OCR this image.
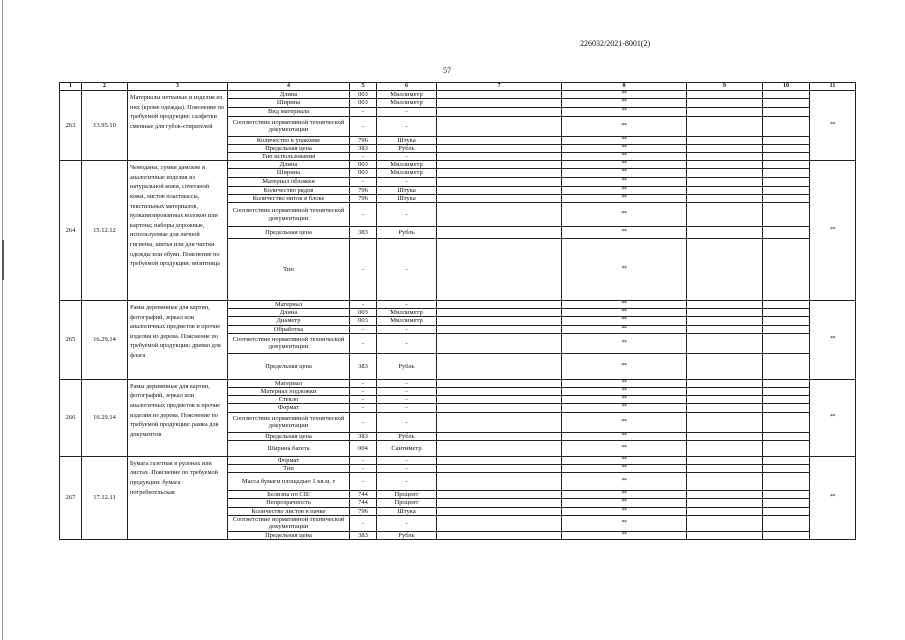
226032/2021-8001(2)
57
1	2	3	4	5	6	7	8	9	10	11
263	13.95.10	Материалы нетканые и изделия из них (кроме одежды). Пояснение по требуемой продукции: салфетки сменные для губок-стирателей	Длина	003	Миллиметр		**			**
			Ширина	003	Миллиметр		**			
			Вид материала	-	-		**			
			Соответствие нормативной технической документации	-	-		**			
			Количество в упаковке	796	Штука		**			
			Предельная цена	383	Рубль		**			
			Тип использования	-	-		**			
264	15.12.12	Чемоданы, сумки дамские и аналогичные изделия из натуральной кожи, сочетаной кожи, листов пластмассы, текстильных материалов, вулканизированных волокон или картона; наборы дорожные, используемые для личной гигиены, шитья или для чистки одежды или обуви. Пояснение по требуемой продукции: визитница	Длина	003	Миллиметр		**			**
			Ширина	003	Миллиметр		**			
			Материал обложки	-	-		**			
			Количество рядов	796	Штука		**			
			Количество ниток в блоке	796	Штука		**			
			Соответствие нормативной технической документации	-	-		**			
			Предельная цена	383	Рубль		**			
			Тип	-	-		**			
265	16.29.14	Рамы деревянные для картин, фотографий, зеркал или аналогичных предметов и прочие изделия из дерева. Пояснение по требуемой продукции: древко для флага	Материал	-	-		**			**
			Длина	003	Миллиметр		**			
			Диаметр	003	Миллиметр		**			
			Обработка	-	-		**			
			Соответствие нормативной технической документации	-	-		**			
			Предельная цена	383	Рубль		**			
266	16.29.14	Рамы деревянные для картин, фотографий, зеркал или аналогичных предметов и прочие изделия из дерева. Пояснение по требуемой продукции: рамка для документов	Материал	-	-		**			**
			Материал подложки	-	-		**			
			Стекло	-	-		**			
			Формат	-	-		**			
			Соответствие нормативной технической документации	-	-		**			
			Предельная цена	383	Рубль		**			
			Ширина багета	004	Сантиметр		**			
267	17.12.11	Бумага газетная в рулонах или листах. Пояснение по требуемой продукции: бумага потребительская	Формат	-	-		**			**
			Тип	-	-		**			
			Масса бумаги площадью 1 кв.м, г	-	-		**			
			Белизна по CIE	744	Процент		**			
			Непрозрачность	744	Процент		**			
			Количество листов в пачке	796	Штука		**			
			Соответствие нормативной технической документации	-	-		**			
			Предельная цена	383	Рубль		**			
